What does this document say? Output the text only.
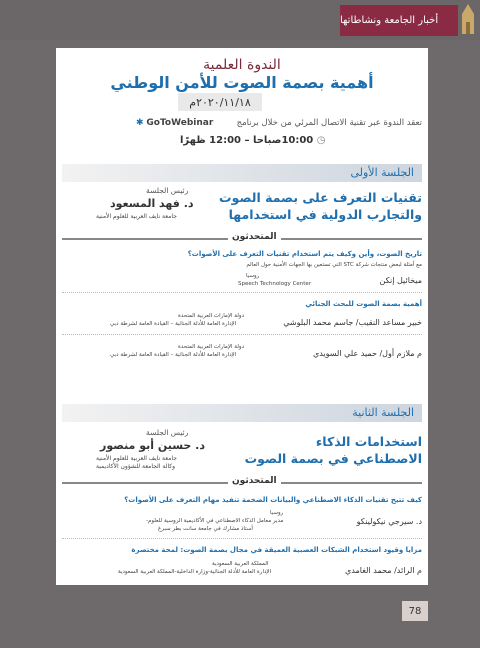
أخبار الجامعة ونشاطاتها
الندوة العلمية
أهمية بصمة الصوت للأمن الوطني
٢٠٢٠/١١/١٨م
تعقد الندوة عبر تقنية الاتصال المرئي من خلال برنامج
✱ GoToWebinar
◷ 10:00صباحا – 12:00 ظهرًا
الجلسة الأولى
رئيس الجلسة
د. فهد المسعود
جامعة نايف العربية للعلوم الأمنية
تقنيات التعرف على بصمة الصوت
والتجارب الدولية في استخدامها
المتحدثون
تاريخ الصوت، وأين وكيف يتم استخدام تقنيات التعرف على الأصوات؟
مع أمثلة لبعض منتجات شركة STC التي تستعين بها الجهات الأمنية حول العالم
روسيا
Speech Technology Center	ميخائيل إنكن
أهمية بصمة الصوت للبحث الجنائي
دولة الإمارات العربية المتحدة
الإدارة العامة للأدلة الجنائية – القيادة العامة لشرطة دبي	خبير مساعد النقيب/ جاسم محمد البلوشي
دولة الإمارات العربية المتحدة
الإدارة العامة للأدلة الجنائية – القيادة العامة لشرطة دبي	م ملازم أول/ حميد علي السويدي
الجلسة الثانية
رئيس الجلسة
د. حسين أبو منصور
جامعة نايف العربية للعلوم الأمنية
وكالة الجامعة للشؤون الأكاديمية
استخدامات الذكاء
الاصطناعي في بصمة الصوت
المتحدثون
كيف تتيح تقنيات الذكاء الاصطناعي والبيانات الضخمة تنفيذ مهام التعرف على الأصوات؟
روسيا
مدير معامل الذكاء الاصطناعي في الأكاديمية الروسية للعلوم-
أستاذ مشارك في جامعة سانت بطر سبرغ
د. سيرجي نيكولينكو
مزايا وقيود استخدام الشبكات العصبية العميقة في مجال بصمة الصوت: لمحة مختصرة
المملكة العربية السعودية
الإدارة العامة للأدلة الجنائية-وزارة الداخلية-المملكة العربية السعودية	م الرائد/ محمد الغامدي
78
